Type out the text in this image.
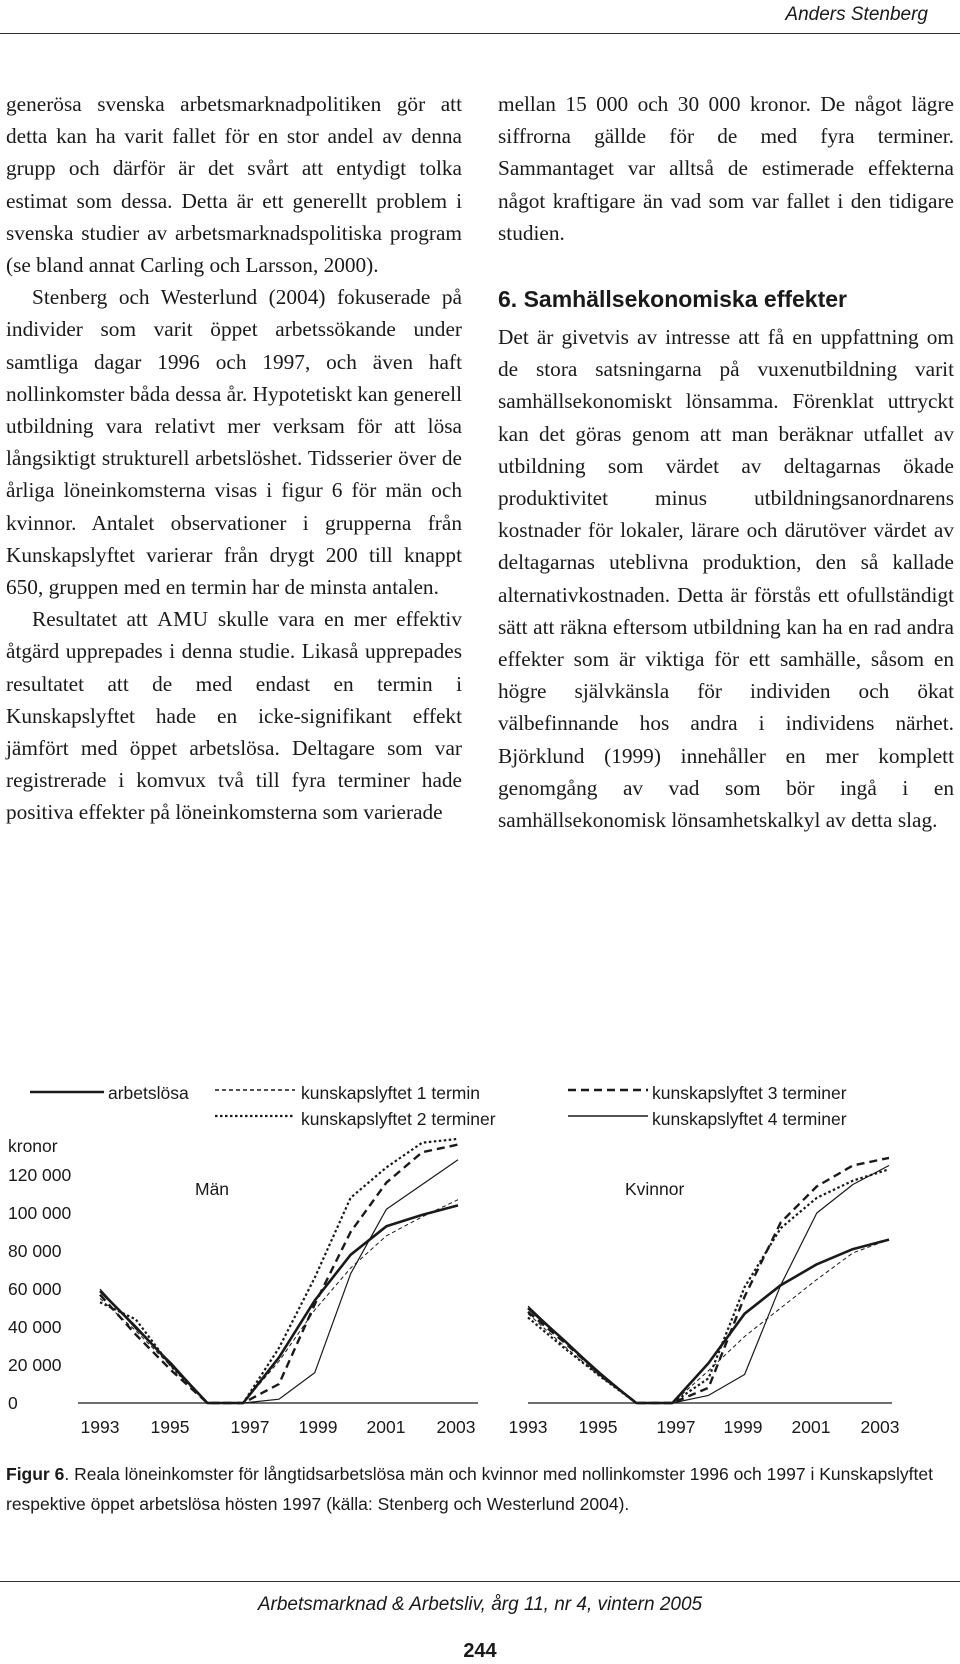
Anders Stenberg

generösa svenska arbetsmarknadpolitiken gör att detta kan ha varit fallet för en stor andel av denna grupp och därför är det svårt att entydigt tolka estimat som dessa. Detta är ett generellt problem i svenska studier av arbetsmarknadspolitiska program (se bland annat Carling och Larsson, 2000).

Stenberg och Westerlund (2004) fokuserade på individer som varit öppet arbetssökande under samtliga dagar 1996 och 1997, och även haft nollinkomster båda dessa år. Hypotetiskt kan generell utbildning vara relativt mer verksam för att lösa långsiktigt strukturell arbetslöshet. Tidsserier över de årliga löneinkomsterna visas i figur 6 för män och kvinnor. Antalet observationer i grupperna från Kunskapslyftet varierar från drygt 200 till knappt 650, gruppen med en termin har de minsta antalen.

Resultatet att AMU skulle vara en mer effektiv åtgärd upprepades i denna studie. Likaså upprepades resultatet att de med endast en termin i Kunskapslyftet hade en icke-signifikant effekt jämfört med öppet arbetslösa. Deltagare som var registrerade i komvux två till fyra terminer hade positiva effekter på löneinkomsterna som varierade

mellan 15 000 och 30 000 kronor. De något lägre siffrorna gällde för de med fyra terminer. Sammantaget var alltså de estimerade effekterna något kraftigare än vad som var fallet i den tidigare studien.

6. Samhällsekonomiska effekter

Det är givetvis av intresse att få en uppfattning om de stora satsningarna på vuxenutbildning varit samhällsekonomiskt lönsamma. Förenklat uttryckt kan det göras genom att man beräknar utfallet av utbildning som värdet av deltagarnas ökade produktivitet minus utbildningsanordnarens kostnader för lokaler, lärare och därutöver värdet av deltagarnas uteblivna produktion, den så kallade alternativkostnaden. Detta är förstås ett ofullständigt sätt att räkna eftersom utbildning kan ha en rad andra effekter som är viktiga för ett samhälle, såsom en högre självkänsla för individen och ökat välbefinnande hos andra i individens närhet. Björklund (1999) innehåller en mer komplett genomgång av vad som bör ingå i en samhällsekonomisk lönsamhetskalkyl av detta slag.

arbetslösa	kunskapslyftet 1 termin
kunskapslyftet 2 terminer
kunskapslyftet 3 terminer
kunskapslyftet 4 terminer
kronor
120 000
100 000
80 000
60 000
40 000
20 000
0
Män
1993 1995 1997 1999 2001 2003
Kvinnor
1993 1995 1997 1999 2001 2003
Figur 6. Reala löneinkomster för långtidsarbetslösa män och kvinnor med nollinkomster 1996 och 1997 i Kunskapslyftet respektive öppet arbetslösa hösten 1997 (källa: Stenberg och Westerlund 2004).
Arbetsmarknad & Arbetsliv, årg 11, nr 4, vintern 2005
244
